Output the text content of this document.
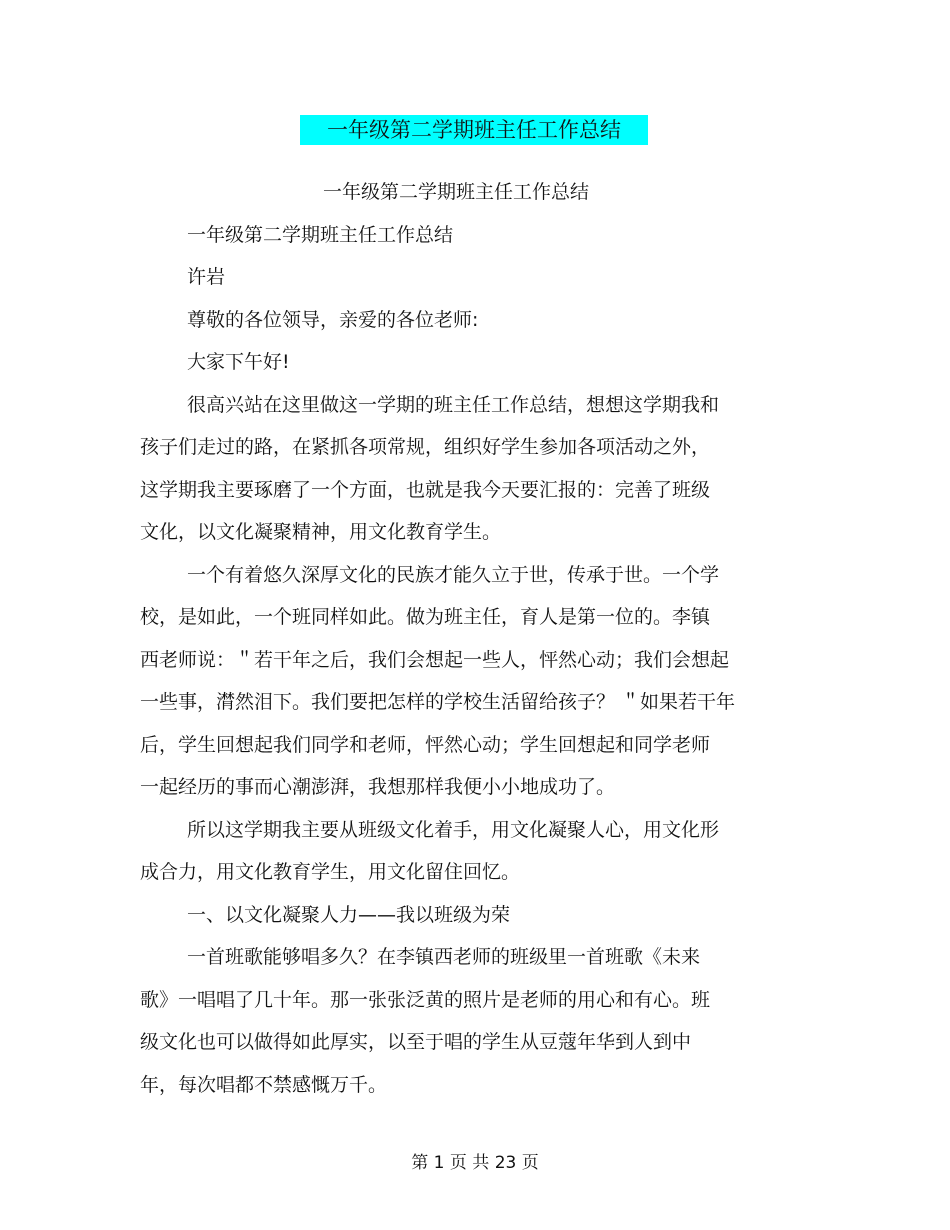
一年级第二学期班主任工作总结
一年级第二学期班主任工作总结
一年级第二学期班主任工作总结
许岩
尊敬的各位领导，亲爱的各位老师:
大家下午好!
很高兴站在这里做这一学期的班主任工作总结，想想这学期我和
孩子们走过的路，在紧抓各项常规，组织好学生参加各项活动之外，
这学期我主要琢磨了一个方面，也就是我今天要汇报的：完善了班级
文化，以文化凝聚精神，用文化教育学生。
一个有着悠久深厚文化的民族才能久立于世，传承于世。一个学
校，是如此，一个班同样如此。做为班主任，育人是第一位的。李镇
西老师说：＂若干年之后，我们会想起一些人，怦然心动；我们会想起
一些事，潸然泪下。我们要把怎样的学校生活留给孩子？ ＂如果若干年
后，学生回想起我们同学和老师，怦然心动；学生回想起和同学老师
一起经历的事而心潮澎湃，我想那样我便小小地成功了。
所以这学期我主要从班级文化着手，用文化凝聚人心，用文化形
成合力，用文化教育学生，用文化留住回忆。
一、以文化凝聚人力——我以班级为荣
一首班歌能够唱多久？在李镇西老师的班级里一首班歌《未来
歌》一唱唱了几十年。那一张张泛黄的照片是老师的用心和有心。班
级文化也可以做得如此厚实，以至于唱的学生从豆蔻年华到人到中
年，每次唱都不禁感慨万千。
第 1 页 共 23 页
